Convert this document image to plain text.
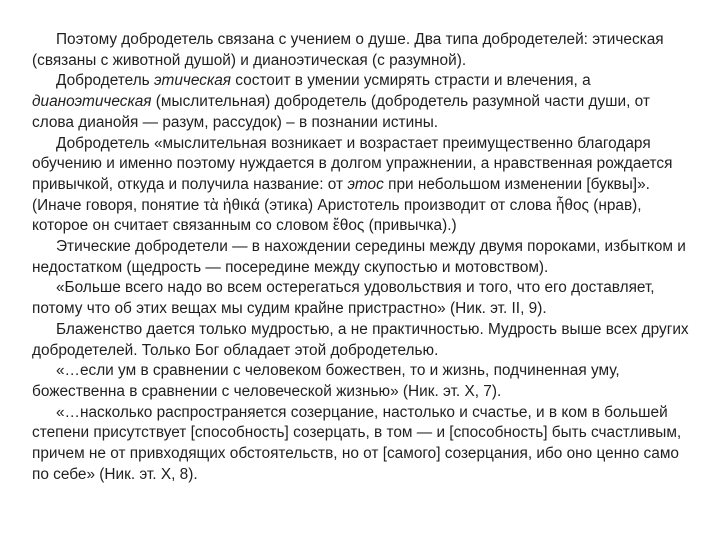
Поэтому добродетель связана с учением о душе. Два типа добродетелей: этическая (связаны с животной душой) и дианоэтическая (с разумной).

Добродетель этическая состоит в умении усмирять страсти и влечения, а дианоэтическая (мыслительная) добродетель (добродетель разумной части души, от слова дианойя — разум, рассудок) – в познании истины.

Добродетель «мыслительная возникает и возрастает преимущественно благодаря обучению и именно поэтому нуждается в долгом упражнении, а нравственная рождается привычкой, откуда и получила название: от этос при небольшом изменении [буквы]». (Иначе говоря, понятие τὰ ἠθικά (этика) Аристотель производит от слова ἦθος (нрав), которое он считает связанным со словом ἔθος (привычка).)

Этические добродетели — в нахождении середины между двумя пороками, избытком и недостатком (щедрость — посередине между скупостью и мотовством).

«Больше всего надо во всем остерегаться удовольствия и того, что его доставляет, потому что об этих вещах мы судим крайне пристрастно» (Ник. эт. II, 9).

Блаженство дается только мудростью, а не практичностью. Мудрость выше всех других добродетелей. Только Бог обладает этой добродетелью.

«…если ум в сравнении с человеком божествен, то и жизнь, подчиненная уму, божественна в сравнении с человеческой жизнью» (Ник. эт. X, 7).

«…насколько распространяется созерцание, настолько и счастье, и в ком в большей степени присутствует [способность] созерцать, в том — и [способность] быть счастливым, причем не от привходящих обстоятельств, но от [самого] созерцания, ибо оно ценно само по себе» (Ник. эт. X, 8).
